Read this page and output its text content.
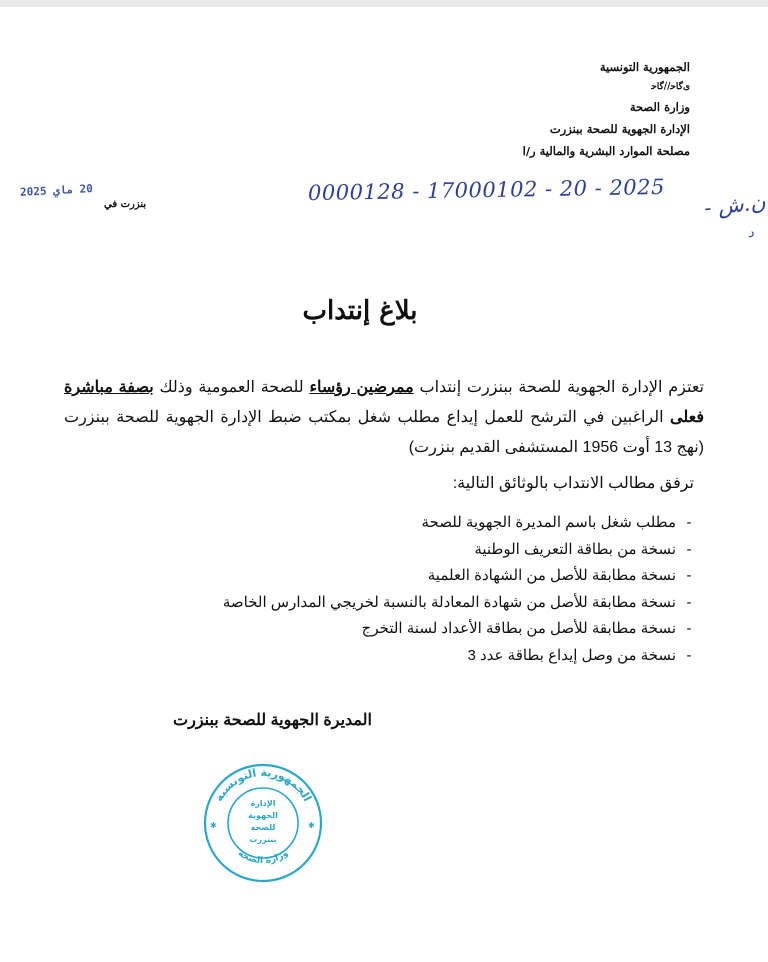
الجمهورية التونسية
ﻯﮔﺎﺣ//ﮔﺎﺣ
وزارة الصحة
الإدارة الجهوية للصحة ببنزرت
مصلحة الموارد البشرية والمالية ر/ا
بنزرت في
20 ماي 2025	0000128 - 17000102 - 20 - 2025 ن.ش -
د
بلاغ إنتداب

تعتزم الإدارة الجهوية للصحة ببنزرت إنتداب ممرضين رؤساء للصحة العمومية وذلك بصفة مباشرة فعلى الراغبين في الترشح للعمل إيداع مطلب شغل بمكتب ضبط الإدارة الجهوية للصحة ببنزرت (نهج 13 أوت 1956 المستشفى القديم بنزرت)

ترفق مطالب الانتداب بالوثائق التالية:
-مطلب شغل باسم المديرة الجهوية للصحة
-نسخة من بطاقة التعريف الوطنية
-نسخة مطابقة للأصل من الشهادة العلمية
-نسخة مطابقة للأصل من شهادة المعادلة بالنسبة لخريجي المدارس الخاصة
-نسخة مطابقة للأصل من بطاقة الأعداد لسنة التخرج
-نسخة من وصل إيداع بطاقة عدد 3
المديرة الجهوية للصحة ببنزرت
الجمهورية التونسية
وزارة الصحة
الإدارة
الجهوية
للصحة
ببنزرت
✱	✱
